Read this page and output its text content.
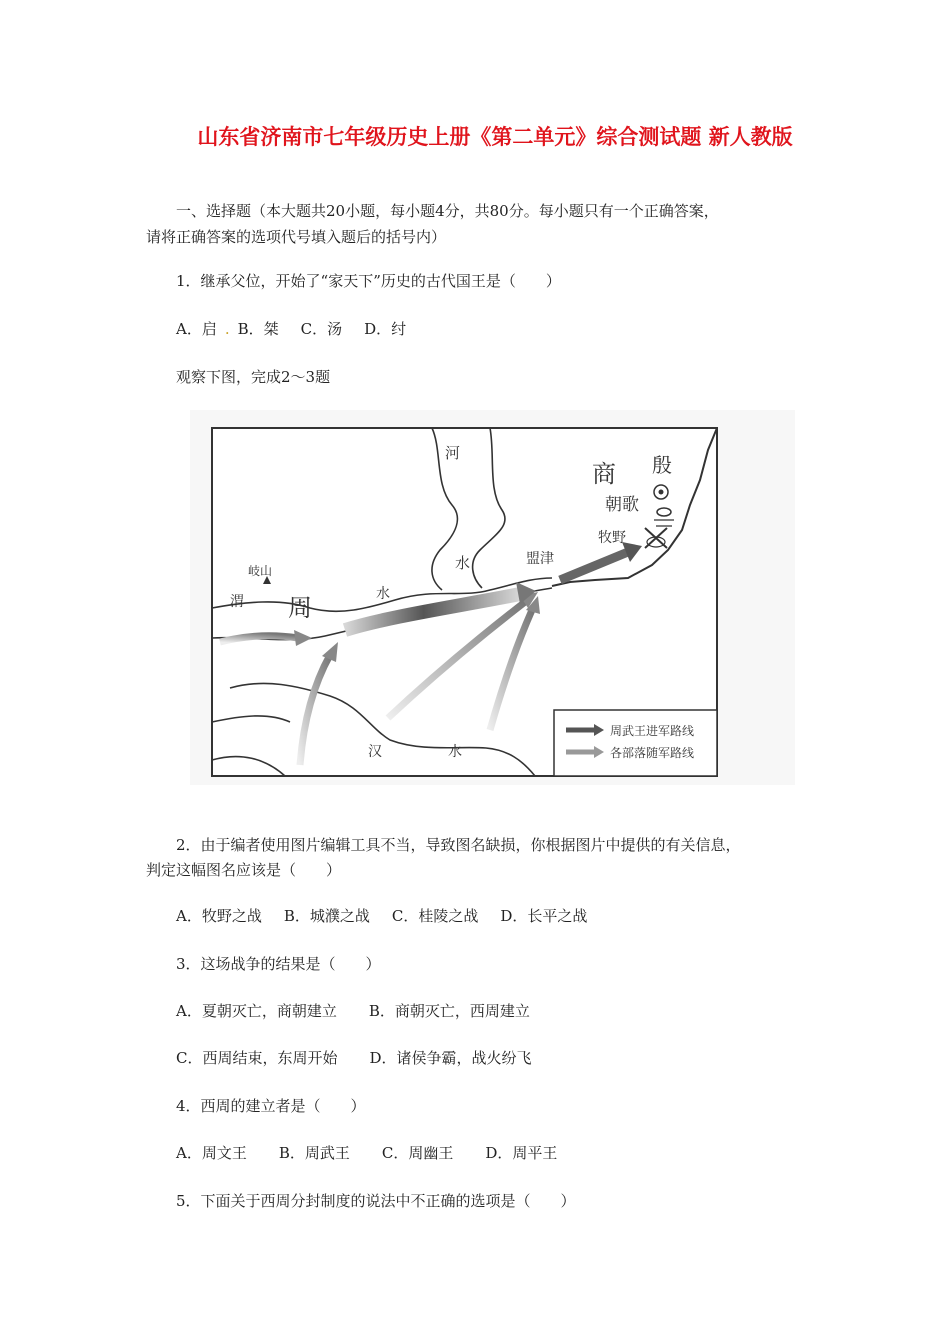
山东省济南市七年级历史上册《第二单元》综合测试题 新人教版
一、选择题（本大题共20小题，每小题4分，共80分。每小题只有一个正确答案，
请将正确答案的选项代号填入题后的括号内）
1．继承父位，开始了“家天下”历史的古代国王是（　　）
A．启 . B．桀 C．汤 D．纣
观察下图，完成2～3题
河
水
殷
商
朝歌
牧野
盟津
岐山
渭 周	水
汉	水
周武王进军路线
各部落随军路线
2．由于编者使用图片编辑工具不当，导致图名缺损，你根据图片中提供的有关信息，
判定这幅图名应该是（　　）
A．牧野之战 B．城濮之战 C．桂陵之战 D．长平之战
3．这场战争的结果是（　　）
A．夏朝灭亡，商朝建立 B．商朝灭亡，西周建立
C．西周结束，东周开始 D．诸侯争霸，战火纷飞
4．西周的建立者是（　　）
A．周文王 B．周武王 C．周幽王 D．周平王
5．下面关于西周分封制度的说法中不正确的选项是（　　）
